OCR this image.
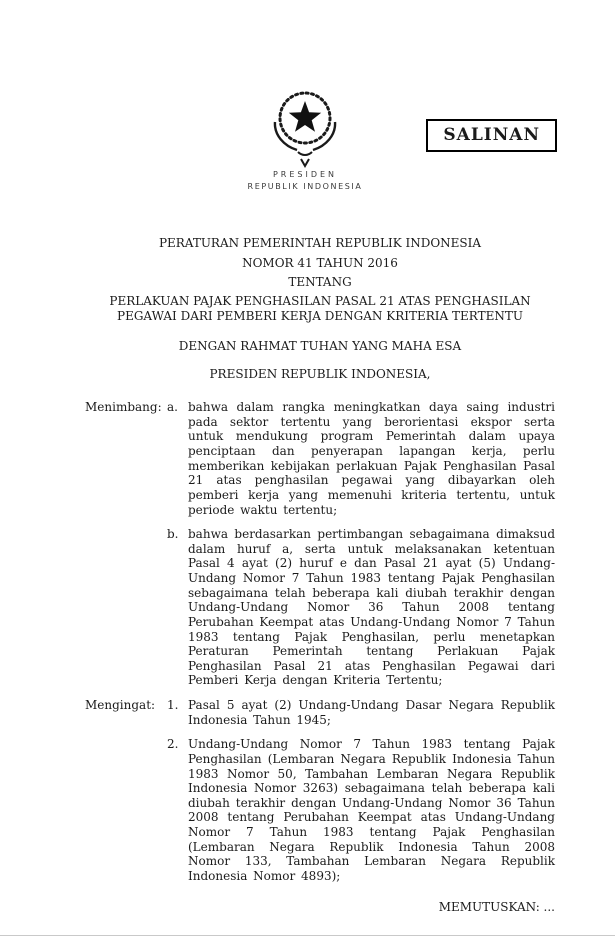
SALINAN
PRESIDEN
REPUBLIK INDONESIA
PERATURAN PEMERINTAH REPUBLIK INDONESIA
NOMOR 41 TAHUN 2016
TENTANG
PERLAKUAN PAJAK PENGHASILAN PASAL 21 ATAS PENGHASILAN PEGAWAI DARI PEMBERI KERJA DENGAN KRITERIA TERTENTU
DENGAN RAHMAT TUHAN YANG MAHA ESA
PRESIDEN REPUBLIK INDONESIA,
Menimbang : a. bahwa dalam rangka meningkatkan daya saing industri pada sektor tertentu yang berorientasi ekspor serta untuk mendukung program Pemerintah dalam upaya penciptaan dan penyerapan lapangan kerja, perlu memberikan kebijakan perlakuan Pajak Penghasilan Pasal 21 atas penghasilan pegawai yang dibayarkan oleh pemberi kerja yang memenuhi kriteria tertentu, untuk periode waktu tertentu;
b. bahwa berdasarkan pertimbangan sebagaimana dimaksud dalam huruf a, serta untuk melaksanakan ketentuan Pasal 4 ayat (2) huruf e dan Pasal 21 ayat (5) Undang-Undang Nomor 7 Tahun 1983 tentang Pajak Penghasilan sebagaimana telah beberapa kali diubah terakhir dengan Undang-Undang Nomor 36 Tahun 2008 tentang Perubahan Keempat atas Undang-Undang Nomor 7 Tahun 1983 tentang Pajak Penghasilan, perlu menetapkan Peraturan Pemerintah tentang Perlakuan Pajak Penghasilan Pasal 21 atas Penghasilan Pegawai dari Pemberi Kerja dengan Kriteria Tertentu;
Mengingat : 1. Pasal 5 ayat (2) Undang-Undang Dasar Negara Republik Indonesia Tahun 1945;
2. Undang-Undang Nomor 7 Tahun 1983 tentang Pajak Penghasilan (Lembaran Negara Republik Indonesia Tahun 1983 Nomor 50, Tambahan Lembaran Negara Republik Indonesia Nomor 3263) sebagaimana telah beberapa kali diubah terakhir dengan Undang-Undang Nomor 36 Tahun 2008 tentang Perubahan Keempat atas Undang-Undang Nomor 7 Tahun 1983 tentang Pajak Penghasilan (Lembaran Negara Republik Indonesia Tahun 2008 Nomor 133, Tambahan Lembaran Negara Republik Indonesia Nomor 4893);
MEMUTUSKAN: ...
